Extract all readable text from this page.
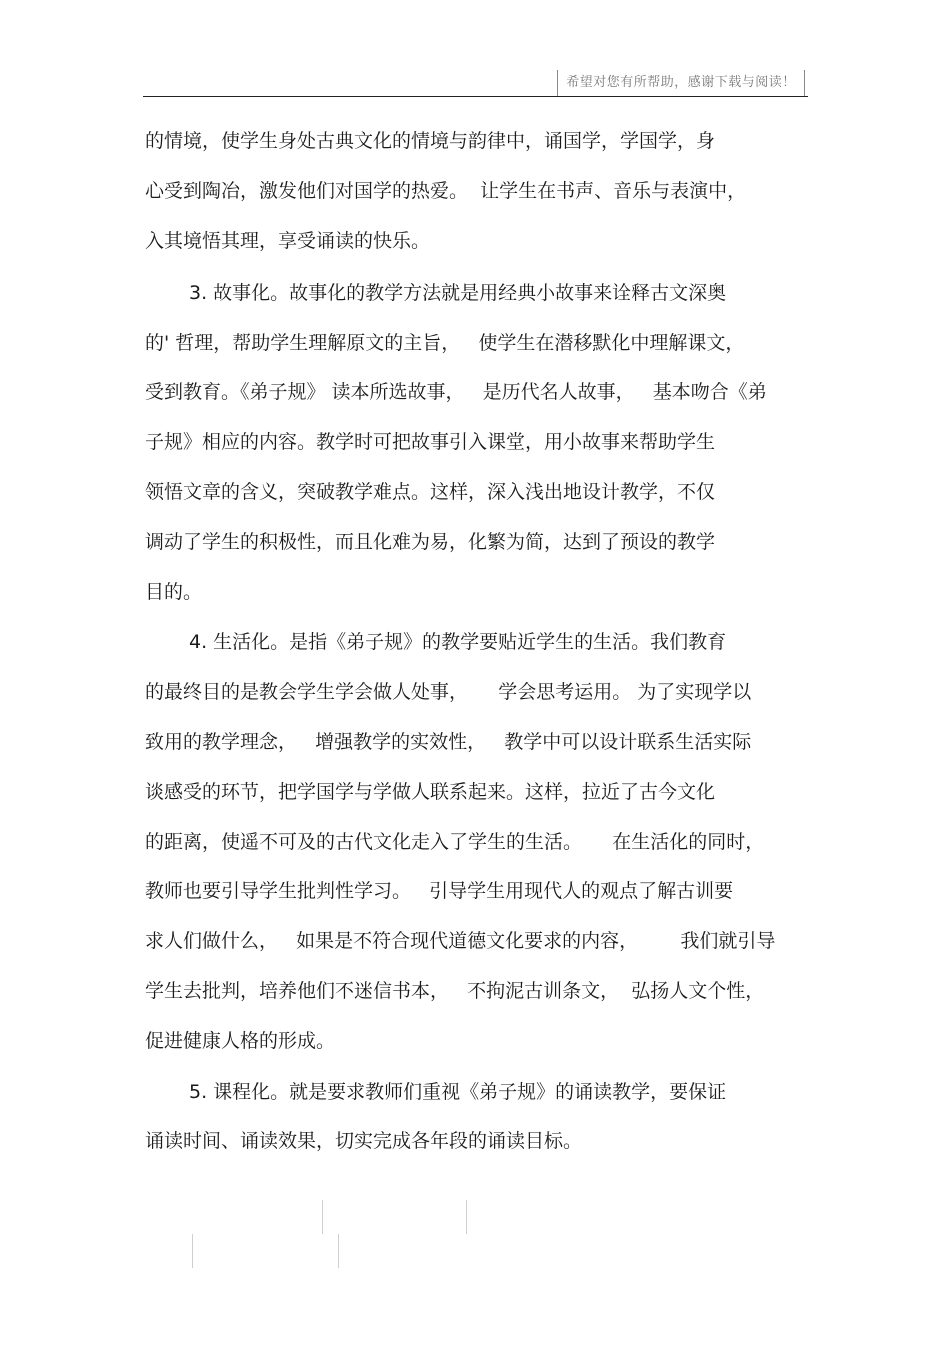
希望对您有所帮助，感谢下载与阅读！
的情境，使学生身处古典文化的情境与韵律中，诵国学，学国学，身
心受到陶冶，激发他们对国学的热爱。  让学生在书声、音乐与表演中，
入其境悟其理，享受诵读的快乐。
3. 故事化。故事化的教学方法就是用经典小故事来诠释古文深奥
的' 哲理，帮助学生理解原文的主旨，   使学生在潜移默化中理解课文，
受到教育。《弟子规》 读本所选故事，   是历代名人故事，   基本吻合《弟
子规》相应的内容。教学时可把故事引入课堂，用小故事来帮助学生
领悟文章的含义，突破教学难点。这样，深入浅出地设计教学，不仅
调动了学生的积极性，而且化难为易，化繁为简，达到了预设的教学
目的。
4. 生活化。是指《弟子规》的教学要贴近学生的生活。我们教育
的最终目的是教会学生学会做人处事，     学会思考运用。 为了实现学以
致用的教学理念，   增强教学的实效性，   教学中可以设计联系生活实际
谈感受的环节，把学国学与学做人联系起来。这样，拉近了古今文化
的距离，使遥不可及的古代文化走入了学生的生活。     在生活化的同时，
教师也要引导学生批判性学习。   引导学生用现代人的观点了解古训要
求人们做什么，   如果是不符合现代道德文化要求的内容，       我们就引导
学生去批判，培养他们不迷信书本，   不拘泥古训条文，  弘扬人文个性，
促进健康人格的形成。
5. 课程化。就是要求教师们重视《弟子规》的诵读教学，要保证
诵读时间、诵读效果，切实完成各年段的诵读目标。
